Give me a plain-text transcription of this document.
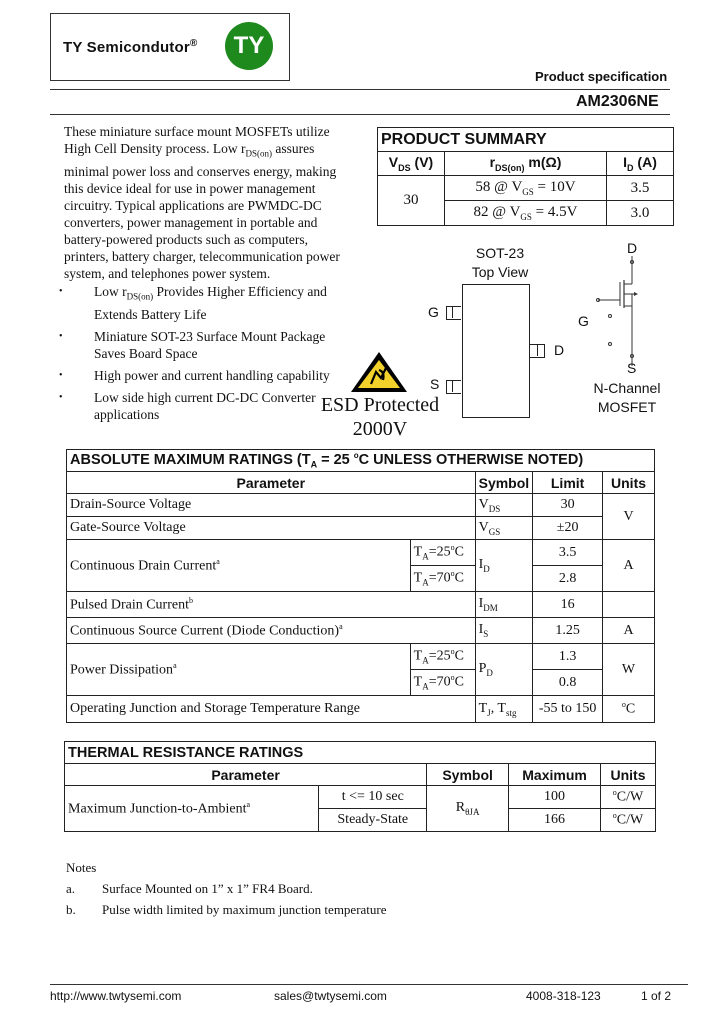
TY Semicondutor®	TY
Product specification
AM2306NE
These miniature surface mount MOSFETs utilize High Cell Density process. Low $r_{DS(on)}$ assures minimal power loss and conserves energy, making this device ideal for use in power management circuitry. Typical applications are PWMDC-DC converters, power management in portable and battery-powered products such as computers, printers, battery charger, telecommunication power system, and telephones power system.
• Low $r_{DS(on)}$ Provides Higher Efficiency and Extends Battery Life
• Miniature SOT-23 Surface Mount Package Saves Board Space
• High power and current handling capability
• Low side high current DC-DC Converter applications	ESD Protected
2000V
PRODUCT SUMMARY		
$V_{DS}$ (V)	$r_{DS(on)}$ m(Ω)	$I_D$ (A)
30	58 @ $V_{GS} = 10V$	3.5
	82 @ $V_{GS} = 4.5V$	3.0
SOT-23
Top View
G
S
D
D
G
S
N-Channel
MOSFET
ABSOLUTE MAXIMUM RATINGS ($T_A = 25$ $^o$C UNLESS OTHERWISE NOTED)				
Parameter		Symbol	Limit	Units
Drain-Source Voltage		$V_{DS}$	30	V
Gate-Source Voltage		$V_{GS}$	±20	
Continuous Drain Current$^a$	$T_A=25^oC$	$I_D$	3.5	A
	$T_A=70^oC$		2.8	
Pulsed Drain Current$^b$		$I_{DM}$	16	
Continuous Source Current (Diode Conduction)$^a$		$I_S$	1.25	A
Power Dissipation$^a$	$T_A=25^oC$	$P_D$	1.3	W
	$T_A=70^oC$		0.8	
Operating Junction and Storage Temperature Range		$T_J$, $T_{stg}$	-55 to 150	$^o$C
THERMAL RESISTANCE RATINGS				
Parameter		Symbol	Maximum	Units
Maximum Junction-to-Ambient$^a$	t <= 10 sec	$R_{\theta JA}$	100	$^o$C/W
	Steady-State		166	$^o$C/W
Notes
a. Surface Mounted on 1” x 1” FR4 Board.
b. Pulse width limited by maximum junction temperature
http://www.twtysemi.com	sales@twtysemi.com	4008-318-123	1 of 2
